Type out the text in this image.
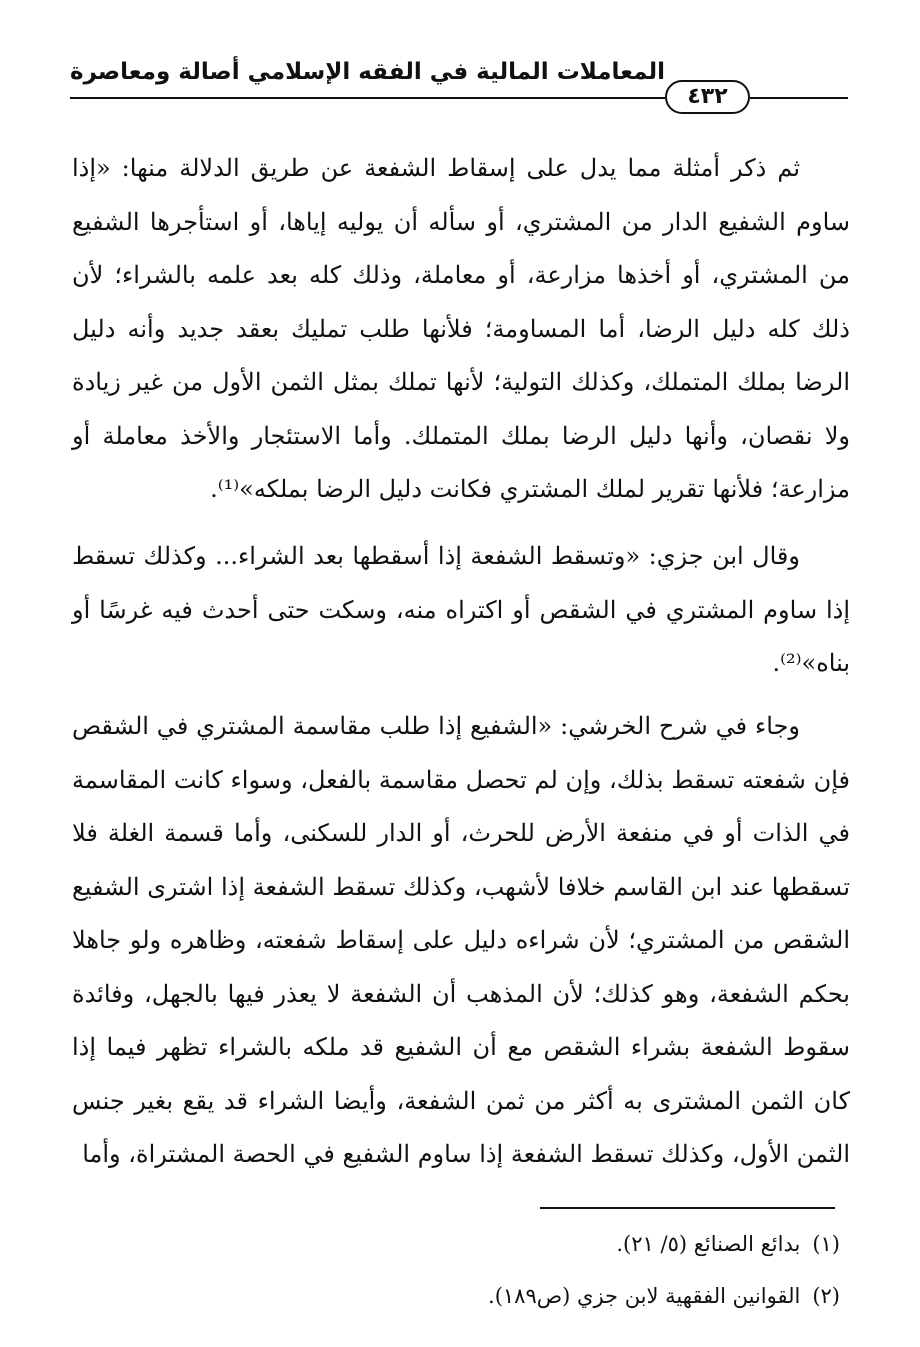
المعاملات المالية في الفقه الإسلامي أصالة ومعاصرة
٤٣٢

ثم ذكر أمثلة مما يدل على إسقاط الشفعة عن طريق الدلالة منها: «إذا ساوم الشفيع الدار من المشتري، أو سأله أن يوليه إياها، أو استأجرها الشفيع من المشتري، أو أخذها مزارعة، أو معاملة، وذلك كله بعد علمه بالشراء؛ لأن ذلك كله دليل الرضا، أما المساومة؛ فلأنها طلب تمليك بعقد جديد وأنه دليل الرضا بملك المتملك، وكذلك التولية؛ لأنها تملك بمثل الثمن الأول من غير زيادة ولا نقصان، وأنها دليل الرضا بملك المتملك. وأما الاستئجار والأخذ معاملة أو مزارعة؛ فلأنها تقرير لملك المشتري فكانت دليل الرضا بملكه»⁽¹⁾.

وقال ابن جزي: «وتسقط الشفعة إذا أسقطها بعد الشراء... وكذلك تسقط إذا ساوم المشتري في الشقص أو اكتراه منه، وسكت حتى أحدث فيه غرسًا أو بناه»⁽²⁾.

وجاء في شرح الخرشي: «الشفيع إذا طلب مقاسمة المشتري في الشقص فإن شفعته تسقط بذلك، وإن لم تحصل مقاسمة بالفعل، وسواء كانت المقاسمة في الذات أو في منفعة الأرض للحرث، أو الدار للسكنى، وأما قسمة الغلة فلا تسقطها عند ابن القاسم خلافا لأشهب، وكذلك تسقط الشفعة إذا اشترى الشفيع الشقص من المشتري؛ لأن شراءه دليل على إسقاط شفعته، وظاهره ولو جاهلا بحكم الشفعة، وهو كذلك؛ لأن المذهب أن الشفعة لا يعذر فيها بالجهل، وفائدة سقوط الشفعة بشراء الشقص مع أن الشفيع قد ملكه بالشراء تظهر فيما إذا كان الثمن المشترى به أكثر من ثمن الشفعة، وأيضا الشراء قد يقع بغير جنس الثمن الأول، وكذلك تسقط الشفعة إذا ساوم الشفيع في الحصة المشتراة، وأما

(١)بدائع الصنائع (٥/ ٢١).

(٢)القوانين الفقهية لابن جزي (ص١٨٩).
